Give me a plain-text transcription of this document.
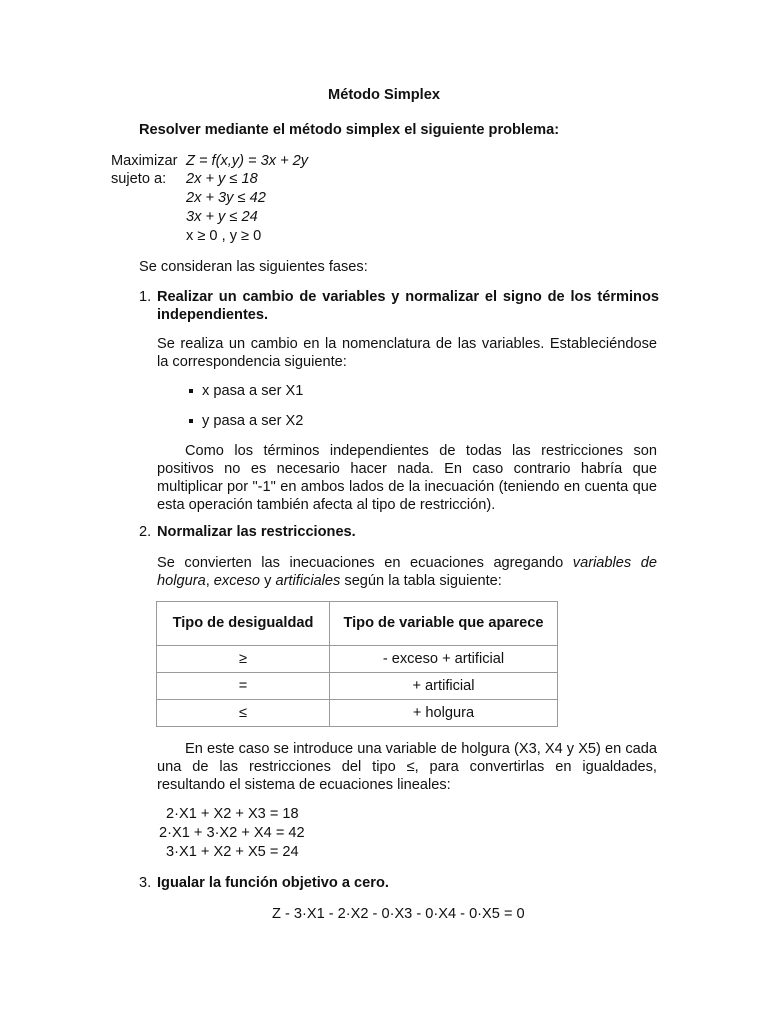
Método Simplex
Resolver mediante el método simplex el siguiente problema:
Maximizar Z = f(x,y) = 3x + 2y
sujeto a: 2x + y ≤ 18
2x + 3y ≤ 42
3x + y ≤ 24
x ≥ 0 , y ≥ 0
Se consideran las siguientes fases:
1. Realizar un cambio de variables y normalizar el signo de los términos independientes.
Se realiza un cambio en la nomenclatura de las variables. Estableciéndose la correspondencia siguiente:
x pasa a ser X1
y pasa a ser X2
Como los términos independientes de todas las restricciones son positivos no es necesario hacer nada. En caso contrario habría que multiplicar por "-1" en ambos lados de la inecuación (teniendo en cuenta que esta operación también afecta al tipo de restricción).
2. Normalizar las restricciones.
Se convierten las inecuaciones en ecuaciones agregando variables de holgura, exceso y artificiales según la tabla siguiente:
Tipo de desigualdad	Tipo de variable que aparece
≥	- exceso + artificial
=	+ artificial
≤	+ holgura
En este caso se introduce una variable de holgura (X3, X4 y X5) en cada una de las restricciones del tipo ≤, para convertirlas en igualdades, resultando el sistema de ecuaciones lineales:
2·X1 + X2 + X3 = 18
2·X1 + 3·X2 + X4 = 42
3·X1 + X2 + X5 = 24
3. Igualar la función objetivo a cero.
Z - 3·X1 - 2·X2 - 0·X3 - 0·X4 - 0·X5 = 0
